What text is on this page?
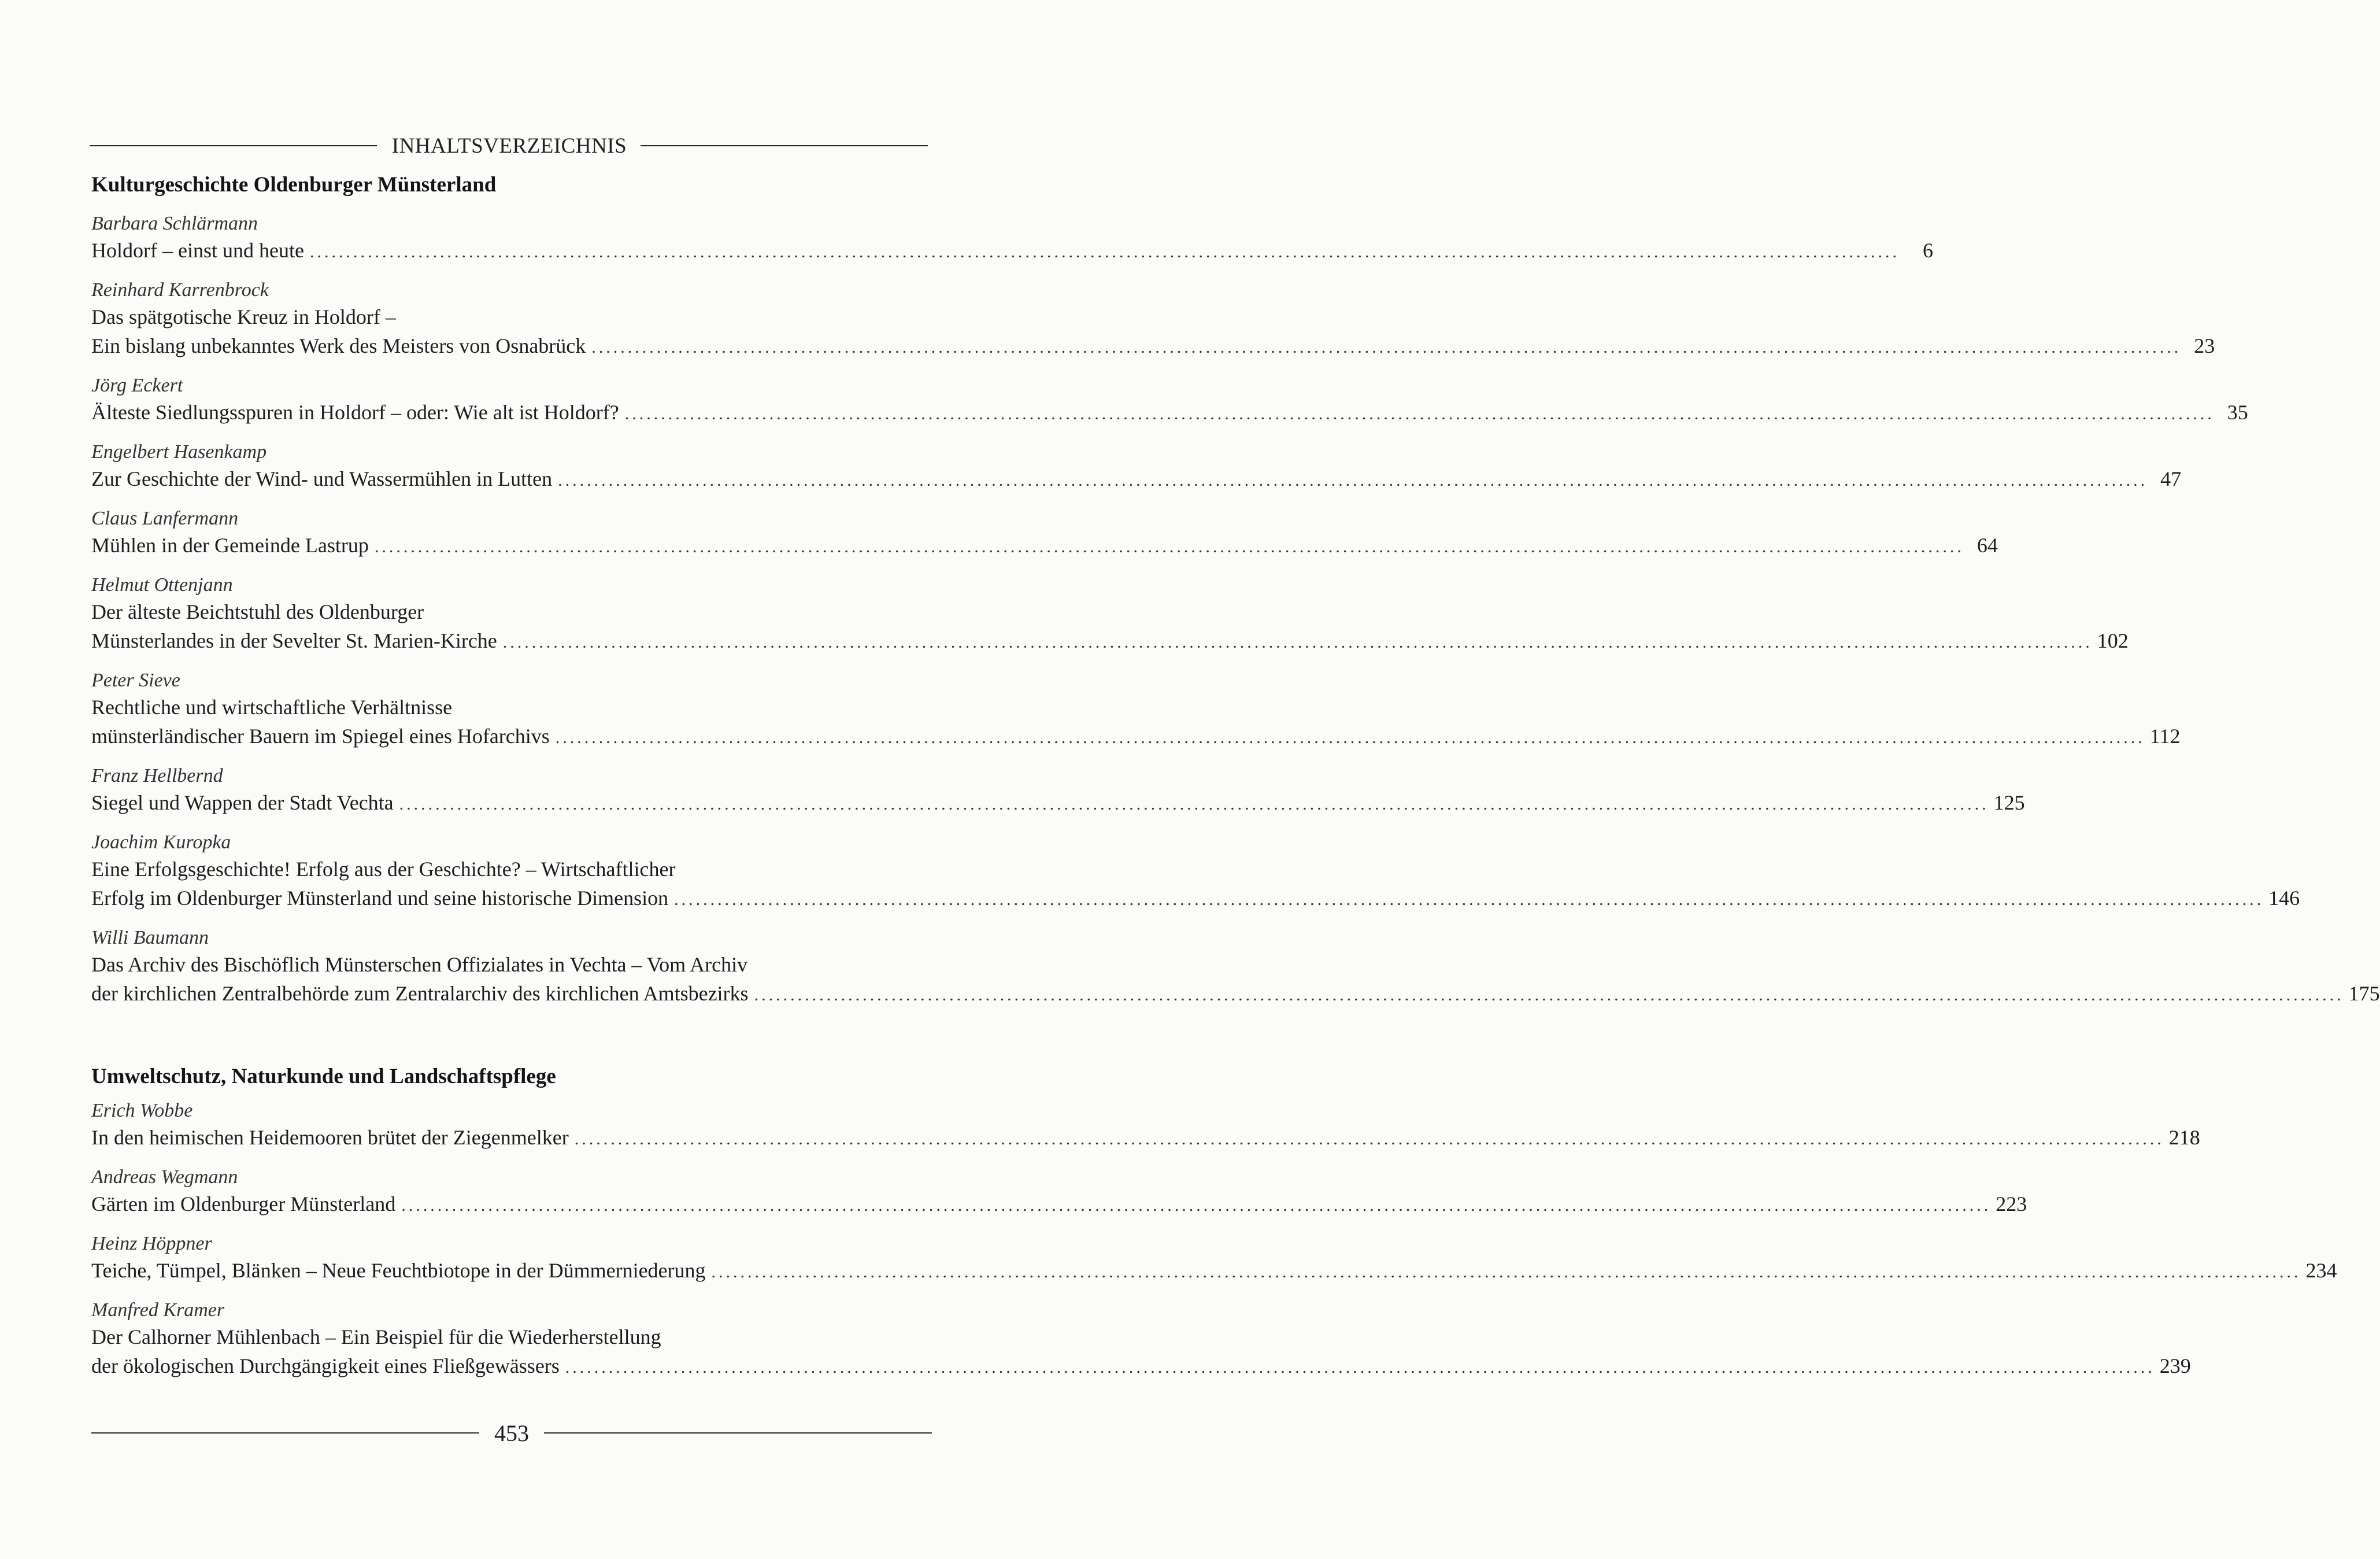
INHALTSVERZEICHNIS
Kulturgeschichte Oldenburger Münsterland
Barbara Schlärmann
Holdorf – einst und heute ............................................................................................................................................................................................................................	6
Reinhard Karrenbrock
Das spätgotische Kreuz in Holdorf –
Ein bislang unbekanntes Werk des Meisters von Osnabrück ............................................................................................................................................................................................................................ 23
Jörg Eckert
Älteste Siedlungsspuren in Holdorf – oder: Wie alt ist Holdorf? ............................................................................................................................................................................................................................ 35
Engelbert Hasenkamp
Zur Geschichte der Wind- und Wassermühlen in Lutten ............................................................................................................................................................................................................................ 47
Claus Lanfermann
Mühlen in der Gemeinde Lastrup ............................................................................................................................................................................................................................ 64
Helmut Ottenjann
Der älteste Beichtstuhl des Oldenburger
Münsterlandes in der Sevelter St. Marien-Kirche ............................................................................................................................................................................................................................ 102
Peter Sieve
Rechtliche und wirtschaftliche Verhältnisse
münsterländischer Bauern im Spiegel eines Hofarchivs ............................................................................................................................................................................................................................ 112
Franz Hellbernd
Siegel und Wappen der Stadt Vechta ............................................................................................................................................................................................................................ 125
Joachim Kuropka
Eine Erfolgsgeschichte! Erfolg aus der Geschichte? – Wirtschaftlicher
Erfolg im Oldenburger Münsterland und seine historische Dimension ............................................................................................................................................................................................................................ 146
Willi Baumann
Das Archiv des Bischöflich Münsterschen Offizialates in Vechta – Vom Archiv
der kirchlichen Zentralbehörde zum Zentralarchiv des kirchlichen Amtsbezirks ............................................................................................................................................................................................................................ 175
Umweltschutz, Naturkunde und Landschaftspflege
Erich Wobbe
In den heimischen Heidemooren brütet der Ziegenmelker ............................................................................................................................................................................................................................ 218
Andreas Wegmann
Gärten im Oldenburger Münsterland ............................................................................................................................................................................................................................ 223
Heinz Höppner
Teiche, Tümpel, Blänken – Neue Feuchtbiotope in der Dümmerniederung ............................................................................................................................................................................................................................ 234
Manfred Kramer
Der Calhorner Mühlenbach – Ein Beispiel für die Wiederherstellung
der ökologischen Durchgängigkeit eines Fließgewässers ............................................................................................................................................................................................................................ 239
453
